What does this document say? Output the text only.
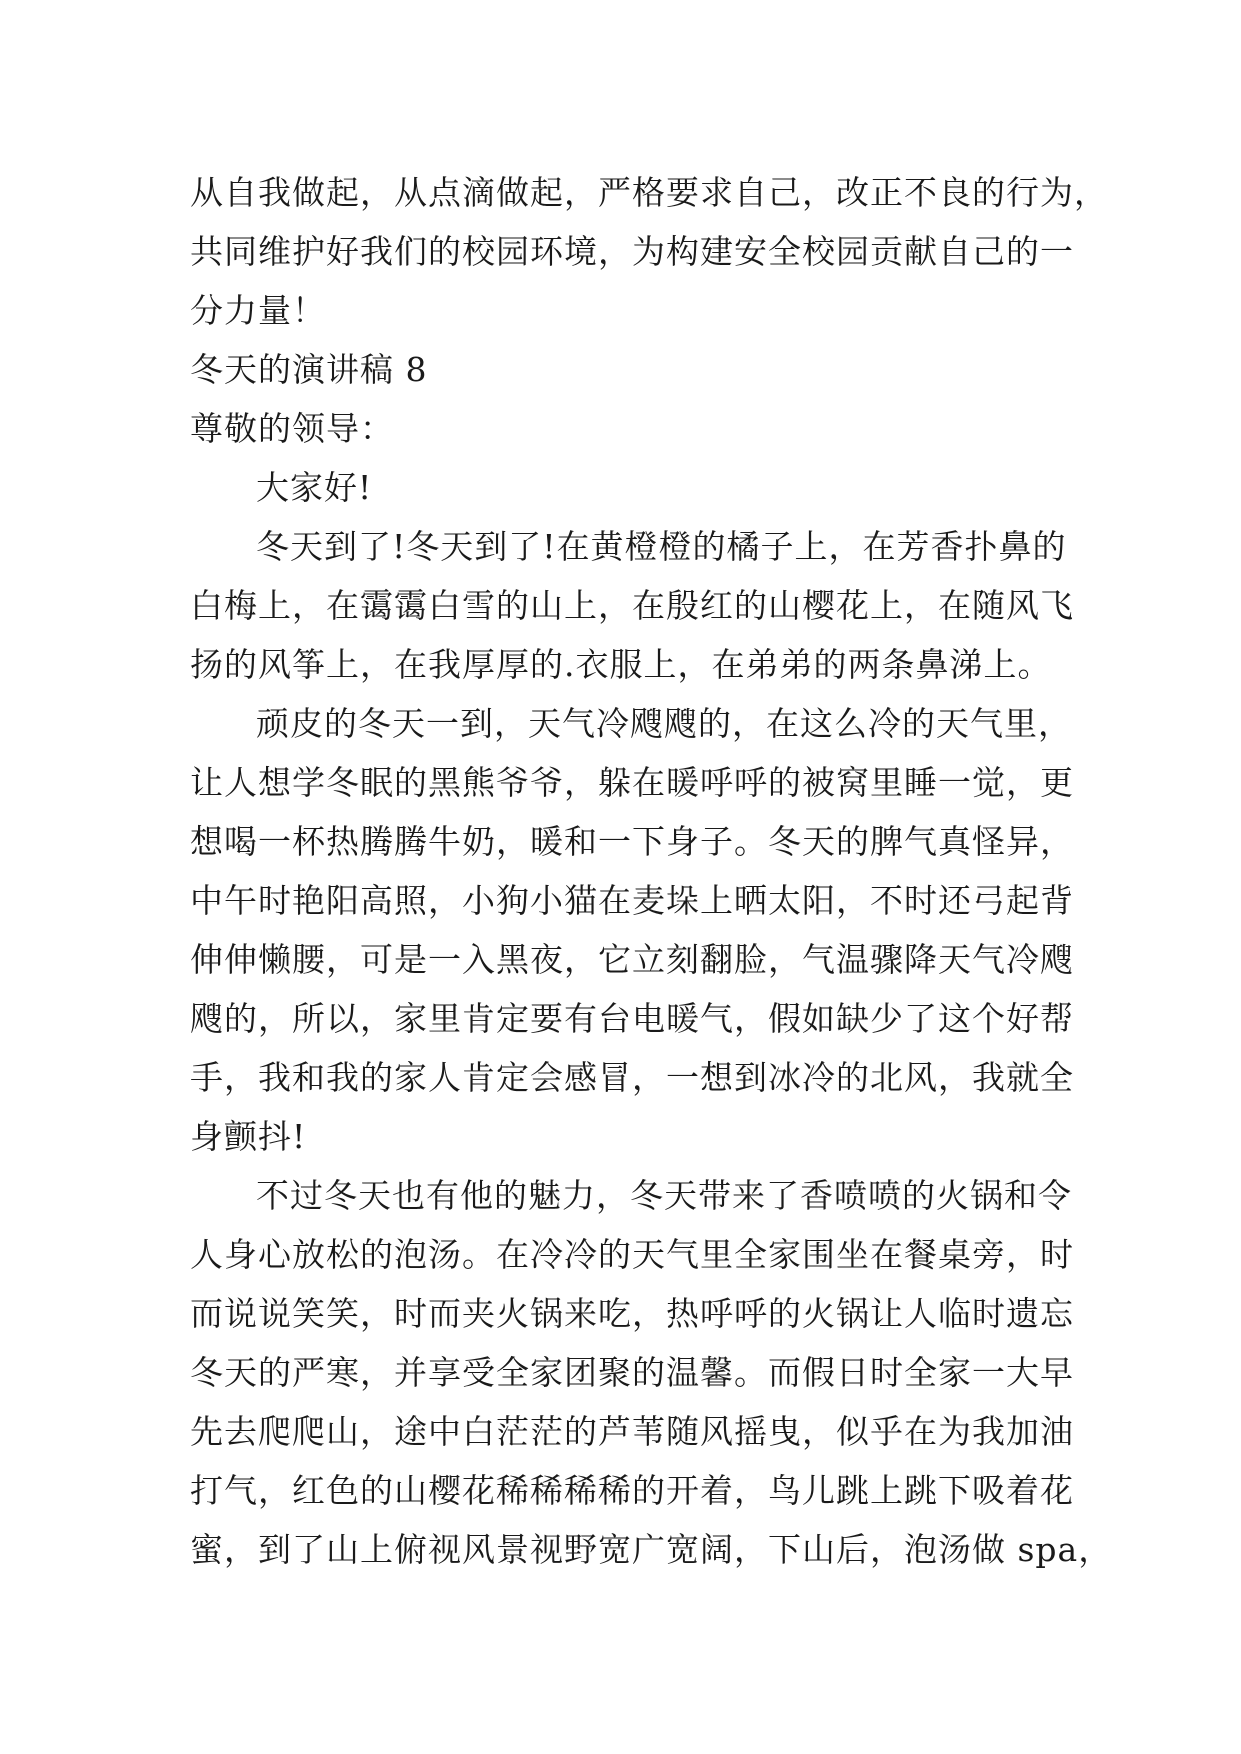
从自我做起，从点滴做起，严格要求自己，改正不良的行为，
共同维护好我们的校园环境，为构建安全校园贡献自己的一
分力量！
冬天的演讲稿 8
尊敬的领导：
大家好!
冬天到了!冬天到了!在黄橙橙的橘子上，在芳香扑鼻的
白梅上，在霭霭白雪的山上，在殷红的山樱花上，在随风飞
扬的风筝上，在我厚厚的.衣服上，在弟弟的两条鼻涕上。
顽皮的冬天一到，天气冷飕飕的，在这么冷的天气里，
让人想学冬眠的黑熊爷爷，躲在暖呼呼的被窝里睡一觉，更
想喝一杯热腾腾牛奶，暖和一下身子。冬天的脾气真怪异，
中午时艳阳高照，小狗小猫在麦垛上晒太阳，不时还弓起背
伸伸懒腰，可是一入黑夜，它立刻翻脸，气温骤降天气冷飕
飕的，所以，家里肯定要有台电暖气，假如缺少了这个好帮
手，我和我的家人肯定会感冒，一想到冰冷的北风，我就全
身颤抖!
不过冬天也有他的魅力，冬天带来了香喷喷的火锅和令
人身心放松的泡汤。在冷冷的天气里全家围坐在餐桌旁，时
而说说笑笑，时而夹火锅来吃，热呼呼的火锅让人临时遗忘
冬天的严寒，并享受全家团聚的温馨。而假日时全家一大早
先去爬爬山，途中白茫茫的芦苇随风摇曳，似乎在为我加油
打气，红色的山樱花稀稀稀稀的开着，鸟儿跳上跳下吸着花
蜜，到了山上俯视风景视野宽广宽阔，下山后，泡汤做 spa，
